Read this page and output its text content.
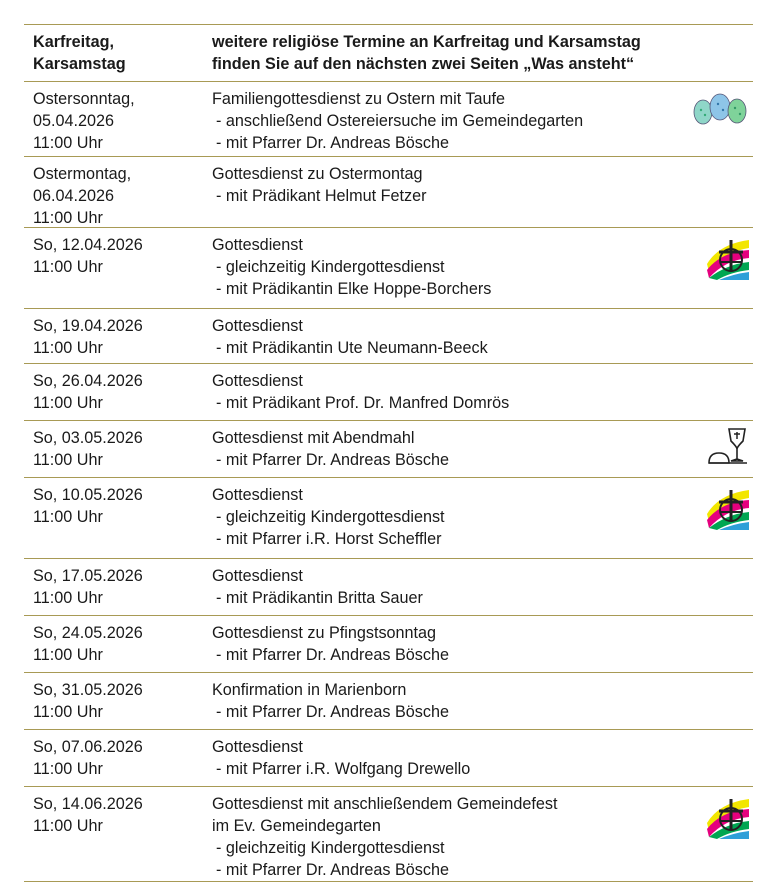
Karfreitag,
Karsamstag
weitere religiöse Termine an Karfreitag und Karsamstag
finden Sie auf den nächsten zwei Seiten „Was ansteht“
Ostersonntag,
05.04.2026
11:00 Uhr
Familiengottesdienst zu Ostern mit Taufe
- anschließend Ostereiersuche im Gemeindegarten
- mit Pfarrer Dr. Andreas Bösche
Ostermontag,
06.04.2026
11:00 Uhr
Gottesdienst zu Ostermontag
- mit Prädikant Helmut Fetzer
So, 12.04.2026
11:00 Uhr
Gottesdienst
- gleichzeitig Kindergottesdienst
- mit Prädikantin Elke Hoppe-Borchers
So, 19.04.2026
11:00 Uhr
Gottesdienst
- mit Prädikantin Ute Neumann-Beeck
So, 26.04.2026
11:00 Uhr
Gottesdienst
- mit Prädikant Prof. Dr. Manfred Domrös
So, 03.05.2026
11:00 Uhr
Gottesdienst mit Abendmahl
- mit Pfarrer Dr. Andreas Bösche
So, 10.05.2026
11:00 Uhr
Gottesdienst
- gleichzeitig Kindergottesdienst
- mit Pfarrer i.R. Horst Scheffler
So, 17.05.2026
11:00 Uhr
Gottesdienst
- mit Prädikantin Britta Sauer
So, 24.05.2026
11:00 Uhr
Gottesdienst zu Pfingstsonntag
- mit Pfarrer Dr. Andreas Bösche
So, 31.05.2026
11:00 Uhr
Konfirmation in Marienborn
- mit Pfarrer Dr. Andreas Bösche
So, 07.06.2026
11:00 Uhr
Gottesdienst
- mit Pfarrer i.R. Wolfgang Drewello
So, 14.06.2026
11:00 Uhr
Gottesdienst mit anschließendem Gemeindefest
im Ev. Gemeindegarten
- gleichzeitig Kindergottesdienst
- mit Pfarrer Dr. Andreas Bösche
